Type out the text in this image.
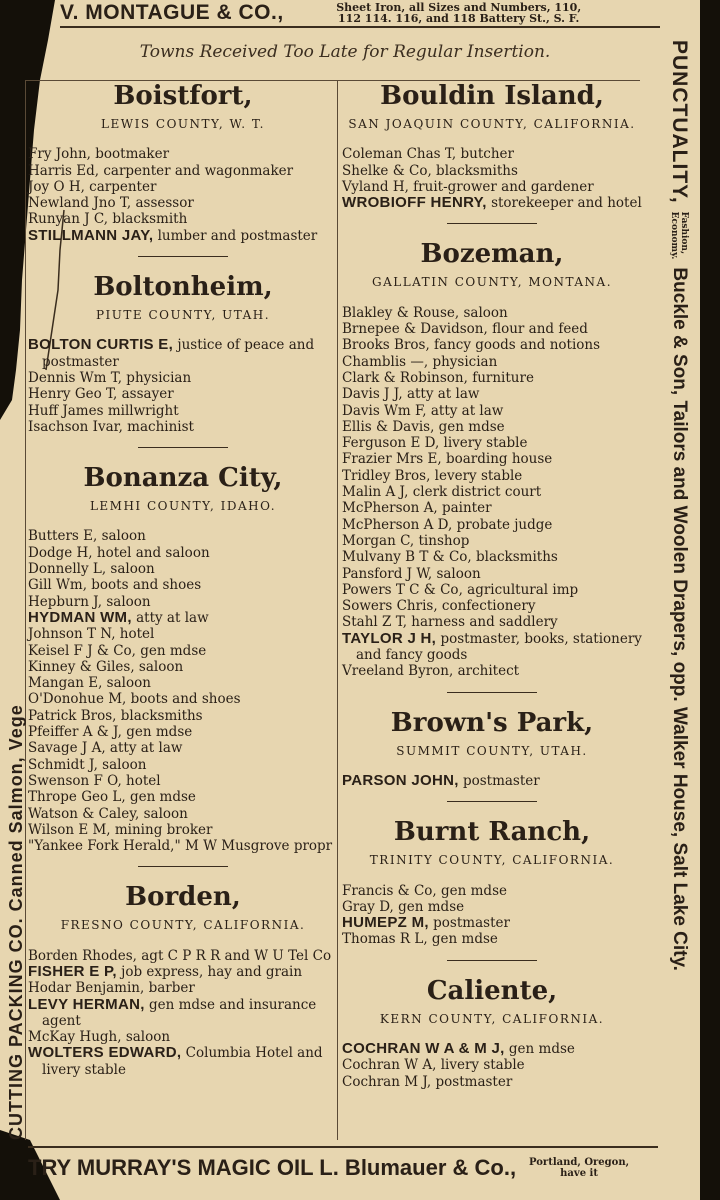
V. MONTAGUE & CO.,	Sheet Iron, all Sizes and Numbers, 110,
112 114. 116, and 118 Battery St., S. F.
Towns Received Too Late for Regular Insertion.
Boistfort,
LEWIS COUNTY, W. T.
Fry John, bootmaker
Harris Ed, carpenter and wagonmaker
Joy O H, carpenter
Newland Jno T, assessor
Runyan J C, blacksmith
STILLMANN JAY, lumber and postmaster
Boltonheim,
PIUTE COUNTY, UTAH.
BOLTON CURTIS E, justice of peace and postmaster
Dennis Wm T, physician
Henry Geo T, assayer
Huff James millwright
Isachson Ivar, machinist
Bonanza City,
LEMHI COUNTY, IDAHO.
Butters E, saloon
Dodge H, hotel and saloon
Donnelly L, saloon
Gill Wm, boots and shoes
Hepburn J, saloon
HYDMAN WM, atty at law
Johnson T N, hotel
Keisel F J & Co, gen mdse
Kinney & Giles, saloon
Mangan E, saloon
O'Donohue M, boots and shoes
Patrick Bros, blacksmiths
Pfeiffer A & J, gen mdse
Savage J A, atty at law
Schmidt J, saloon
Swenson F O, hotel
Thrope Geo L, gen mdse
Watson & Caley, saloon
Wilson E M, mining broker
"Yankee Fork Herald," M W Musgrove propr
Borden,
FRESNO COUNTY, CALIFORNIA.
Borden Rhodes, agt C P R R and W U Tel Co
FISHER E P, job express, hay and grain
Hodar Benjamin, barber
LEVY HERMAN, gen mdse and insurance agent
McKay Hugh, saloon
WOLTERS EDWARD, Columbia Hotel and livery stable
Bouldin Island,
SAN JOAQUIN COUNTY, CALIFORNIA.
Coleman Chas T, butcher
Shelke & Co, blacksmiths
Vyland H, fruit-grower and gardener
WROBIOFF HENRY, storekeeper and hotel
Bozeman,
GALLATIN COUNTY, MONTANA.
Blakley & Rouse, saloon
Brnepee & Davidson, flour and feed
Brooks Bros, fancy goods and notions
Chamblis —, physician
Clark & Robinson, furniture
Davis J J, atty at law
Davis Wm F, atty at law
Ellis & Davis, gen mdse
Ferguson E D, livery stable
Frazier Mrs E, boarding house
Tridley Bros, levery stable
Malin A J, clerk district court
McPherson A, painter
McPherson A D, probate judge
Morgan C, tinshop
Mulvany B T & Co, blacksmiths
Pansford J W, saloon
Powers T C & Co, agricultural imp
Sowers Chris, confectionery
Stahl Z T, harness and saddlery
TAYLOR J H, postmaster, books, stationery and fancy goods
Vreeland Byron, architect
Brown's Park,
SUMMIT COUNTY, UTAH.
PARSON JOHN, postmaster
Burnt Ranch,
TRINITY COUNTY, CALIFORNIA.
Francis & Co, gen mdse
Gray D, gen mdse
HUMEPZ M, postmaster
Thomas R L, gen mdse
Caliente,
KERN COUNTY, CALIFORNIA.
COCHRAN W A & M J, gen mdse
Cochran W A, livery stable
Cochran M J, postmaster
CUTTING PACKING CO. Canned Salmon, Vege
TRY MURRAY'S MAGIC OIL L. Blumauer & Co.,	Portland, Oregon, have it
PUNCTUALITY,
Fashion,
Economy.
Buckle & Son, Tailors and Woolen Drapers, opp. Walker House, Salt Lake City.
